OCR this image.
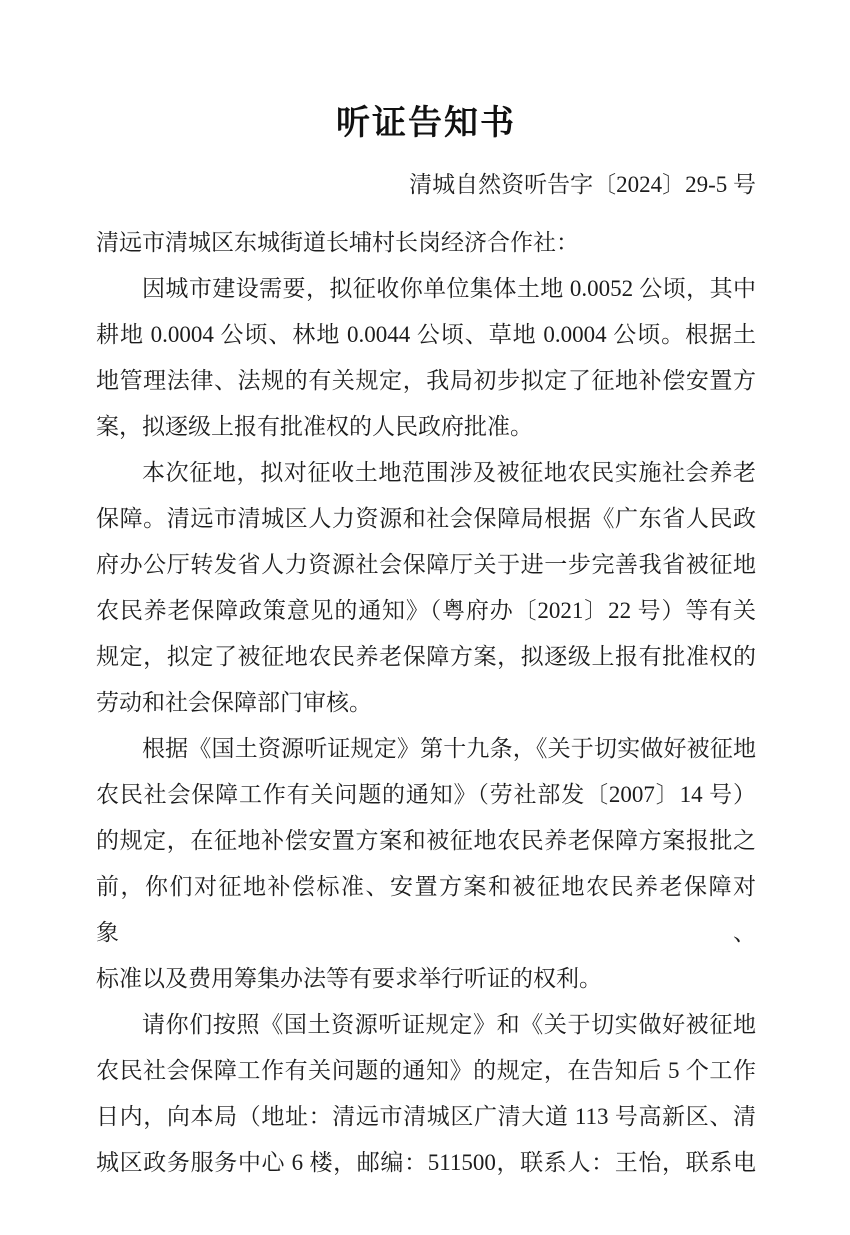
听证告知书
清城自然资听告字〔2024〕29-5 号
清远市清城区东城街道长埔村长岗经济合作社：
因城市建设需要，拟征收你单位集体土地 0.0052 公顷，其中
耕地 0.0004 公顷、林地 0.0044 公顷、草地 0.0004 公顷。根据土
地管理法律、法规的有关规定，我局初步拟定了征地补偿安置方
案，拟逐级上报有批准权的人民政府批准。
本次征地，拟对征收土地范围涉及被征地农民实施社会养老
保障。清远市清城区人力资源和社会保障局根据《广东省人民政
府办公厅转发省人力资源社会保障厅关于进一步完善我省被征地
农民养老保障政策意见的通知》（粤府办〔2021〕22 号）等有关
规定，拟定了被征地农民养老保障方案，拟逐级上报有批准权的
劳动和社会保障部门审核。
根据《国土资源听证规定》第十九条，《关于切实做好被征地
农民社会保障工作有关问题的通知》（劳社部发〔2007〕14 号）
的规定，在征地补偿安置方案和被征地农民养老保障方案报批之
前，你们对征地补偿标准、安置方案和被征地农民养老保障对象、
标准以及费用筹集办法等有要求举行听证的权利。
请你们按照《国土资源听证规定》和《关于切实做好被征地
农民社会保障工作有关问题的通知》的规定，在告知后 5 个工作
日内，向本局（地址：清远市清城区广清大道 113 号高新区、清
城区政务服务中心 6 楼，邮编：511500，联系人：王怡，联系电
